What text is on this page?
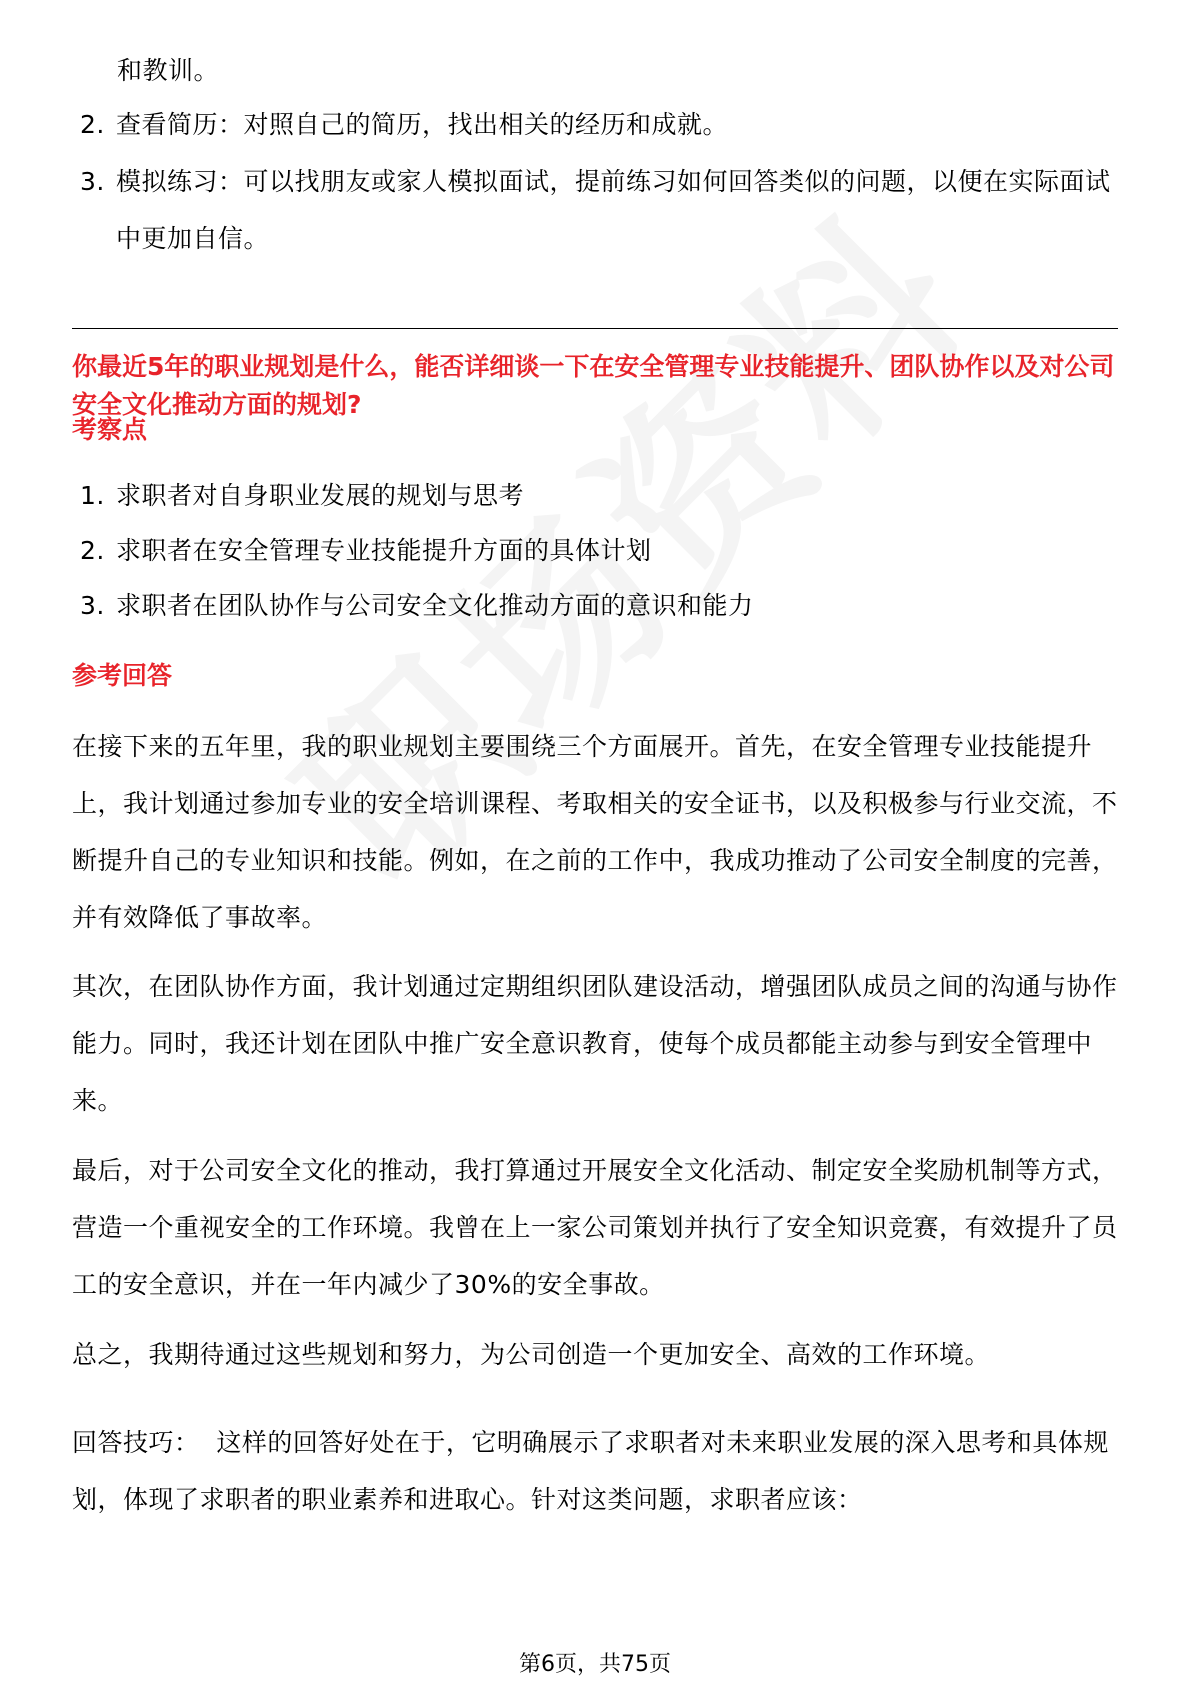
和教训。
2. 查看简历：对照自己的简历，找出相关的经历和成就。
3. 模拟练习：可以找朋友或家人模拟面试，提前练习如何回答类似的问题，以便在实际面试中更加自信。
你最近5年的职业规划是什么，能否详细谈一下在安全管理专业技能提升、团队协作以及对公司安全文化推动方面的规划?
考察点
1. 求职者对自身职业发展的规划与思考
2. 求职者在安全管理专业技能提升方面的具体计划
3. 求职者在团队协作与公司安全文化推动方面的意识和能力
参考回答

在接下来的五年里，我的职业规划主要围绕三个方面展开。首先，在安全管理专业技能提升上，我计划通过参加专业的安全培训课程、考取相关的安全证书，以及积极参与行业交流，不断提升自己的专业知识和技能。例如，在之前的工作中，我成功推动了公司安全制度的完善，并有效降低了事故率。

其次，在团队协作方面，我计划通过定期组织团队建设活动，增强团队成员之间的沟通与协作能力。同时，我还计划在团队中推广安全意识教育，使每个成员都能主动参与到安全管理中来。

最后，对于公司安全文化的推动，我打算通过开展安全文化活动、制定安全奖励机制等方式，营造一个重视安全的工作环境。我曾在上一家公司策划并执行了安全知识竞赛，有效提升了员工的安全意识，并在一年内减少了30%的安全事故。

总之，我期待通过这些规划和努力，为公司创造一个更加安全、高效的工作环境。

回答技巧： 这样的回答好处在于，它明确展示了求职者对未来职业发展的深入思考和具体规划，体现了求职者的职业素养和进取心。针对这类问题，求职者应该：

第6页，共75页
